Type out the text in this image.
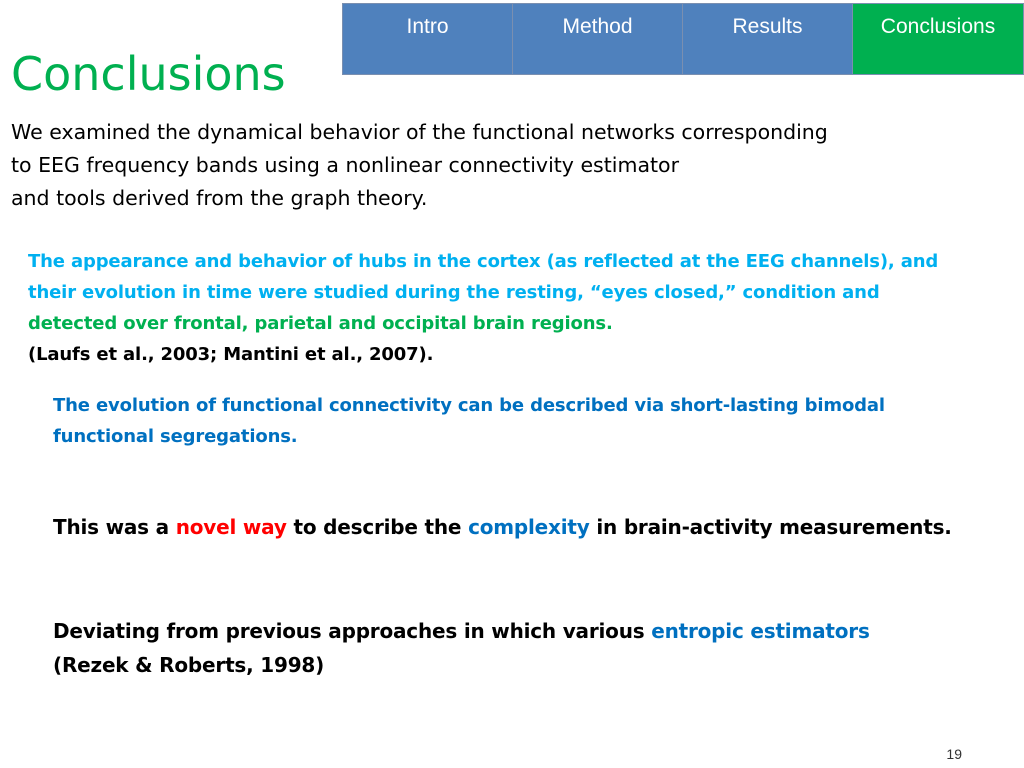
Intro	Method	Results	Conclusions
Conclusions

We examined the dynamical behavior of the functional networks corresponding
to EEG frequency bands using a nonlinear connectivity estimator
and tools derived from the graph theory.

The appearance and behavior of hubs in the cortex (as reflected at the EEG channels), and
their evolution in time were studied during the resting, “eyes closed,” condition and
detected over frontal, parietal and occipital brain regions.
(Laufs et al., 2003; Mantini et al., 2007).

The evolution of functional connectivity can be described via short-lasting bimodal
functional segregations.

This was a novel way to describe the complexity in brain-activity measurements.

Deviating from previous approaches in which various entropic estimators
(Rezek & Roberts, 1998)

19
